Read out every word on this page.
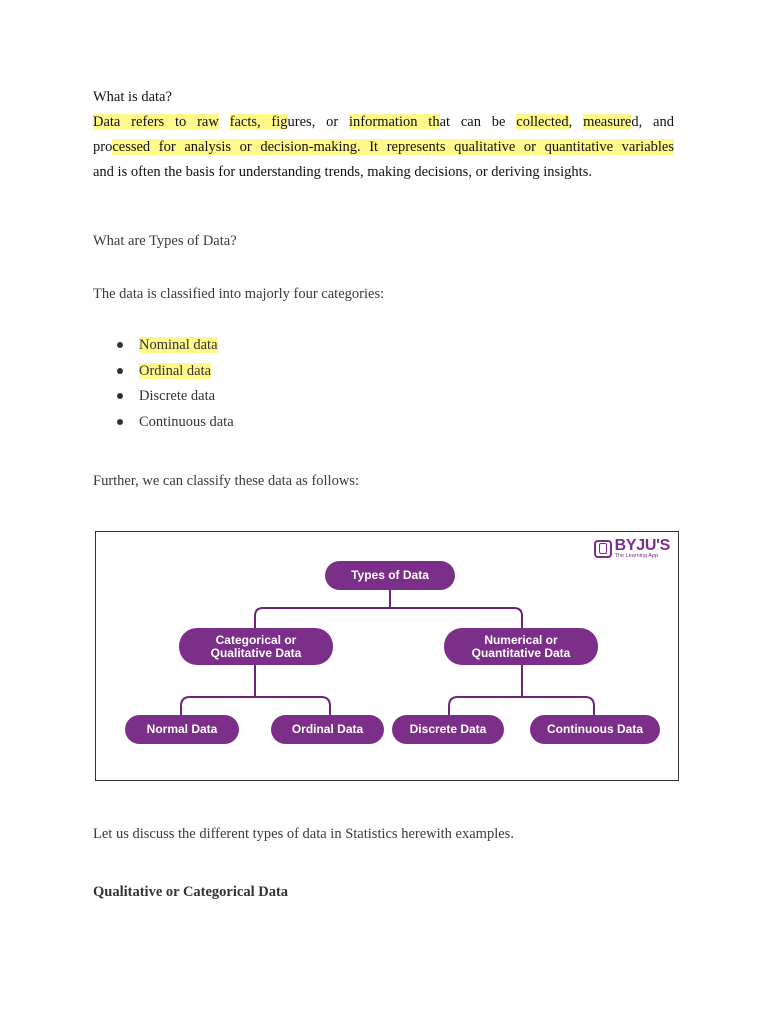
What is data?
Data refers to raw facts, figures, or information that can be collected, measured, and
processed for analysis or decision-making. It represents qualitative or quantitative variables
and is often the basis for understanding trends, making decisions, or deriving insights.
What are Types of Data?
The data is classified into majorly four categories:
Nominal data
Ordinal data
Discrete data
Continuous data
Further, we can classify these data as follows:
Let us discuss the different types of data in Statistics herewith examples.
Qualitative or Categorical Data
BYJU'S
The Learning App
Types of Data
Categorical or
Qualitative Data
Numerical or
Quantitative Data
Normal Data	Ordinal Data	Discrete Data	Continuous Data
